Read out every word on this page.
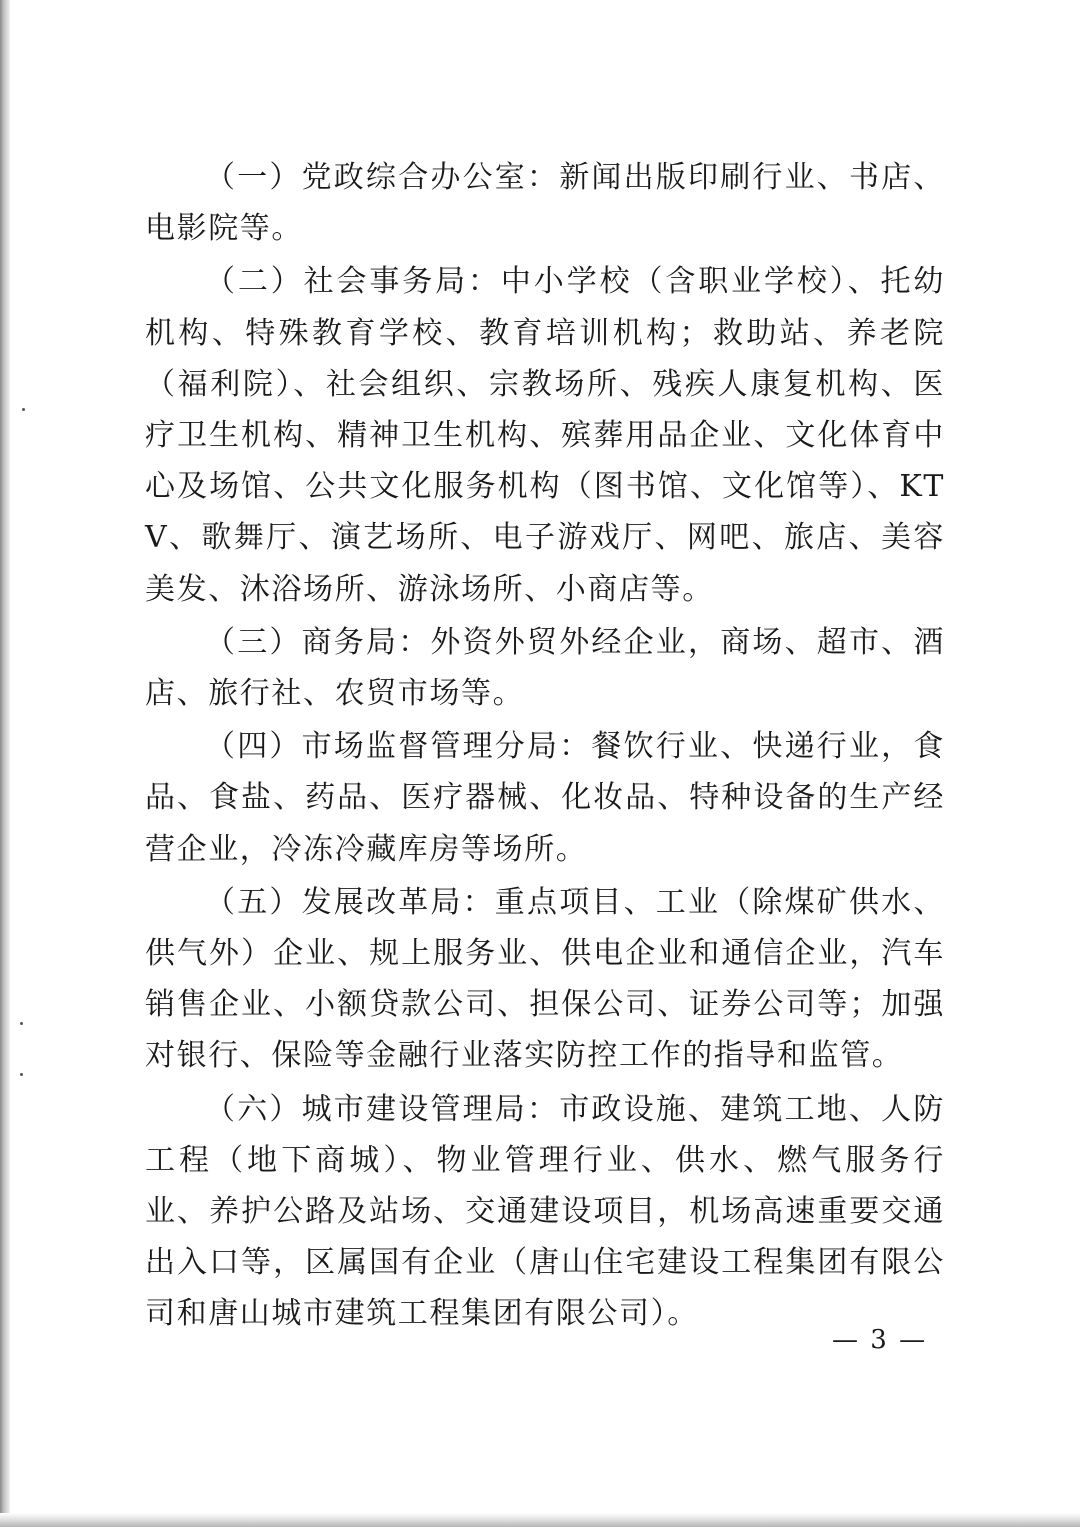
（一）党政综合办公室：新闻出版印刷行业、书店、电影院等。

（二）社会事务局：中小学校（含职业学校）、托幼机构、特殊教育学校、教育培训机构；救助站、养老院（福利院）、社会组织、宗教场所、残疾人康复机构、医疗卫生机构、精神卫生机构、殡葬用品企业、文化体育中心及场馆、公共文化服务机构（图书馆、文化馆等）、KTV、歌舞厅、演艺场所、电子游戏厅、网吧、旅店、美容美发、沐浴场所、游泳场所、小商店等。

（三）商务局：外资外贸外经企业，商场、超市、酒店、旅行社、农贸市场等。

（四）市场监督管理分局：餐饮行业、快递行业，食品、食盐、药品、医疗器械、化妆品、特种设备的生产经营企业，冷冻冷藏库房等场所。

（五）发展改革局：重点项目、工业（除煤矿供水、供气外）企业、规上服务业、供电企业和通信企业，汽车销售企业、小额贷款公司、担保公司、证券公司等；加强对银行、保险等金融行业落实防控工作的指导和监管。

（六）城市建设管理局：市政设施、建筑工地、人防工程（地下商城）、物业管理行业、供水、燃气服务行业、养护公路及站场、交通建设项目，机场高速重要交通出入口等，区属国有企业（唐山住宅建设工程集团有限公司和唐山城市建筑工程集团有限公司）。

— 3 —
